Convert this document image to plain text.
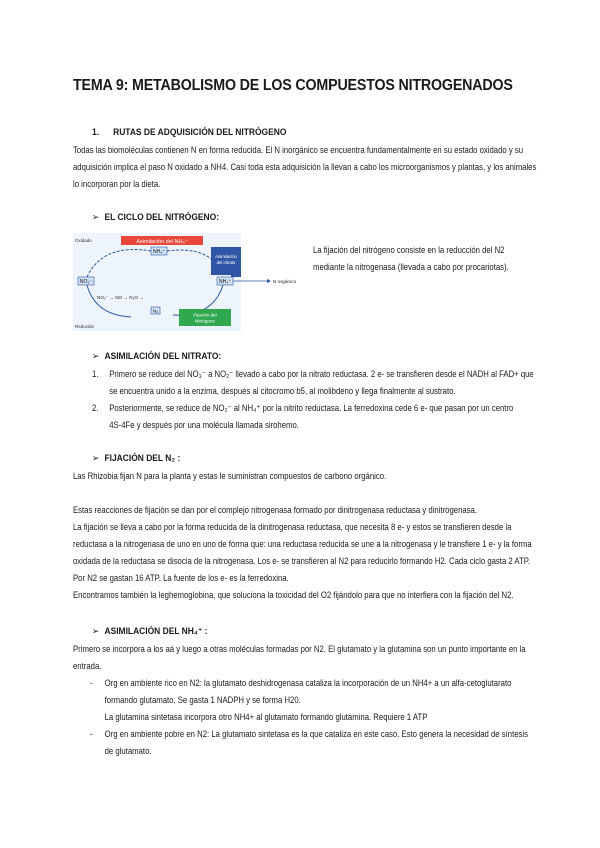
TEMA 9: METABOLISMO DE LOS COMPUESTOS NITROGENADOS
1.      RUTAS DE ADQUISICIÓN DEL NITRÓGENO
Todas las biomoléculas contienen N en forma reducida. El N inorgánico se encuentra fundamentalmente en su estado oxidado y su
adquisición implica el paso N oxidado a NH4. Casi toda esta adquisición la llevan a cabo los microorganismos y plantas, y los animales
lo incorporan por la dieta.
➢ EL CICLO DEL NITRÓGENO:
Asimilación del NH₄⁺
Oxidado
Reducido
NH₄⁺
NO₃⁻	NH₄⁺
Asimilación
del nitrato
NO₂⁻ → NO → N₂O →
N₂
Fijación del
Nitrógeno
N orgánico
La fijación del nitrógeno consiste en la reducción del N2
mediante la nitrogenasa (llevada a cabo por procariotas).
➢ ASIMILACIÓN DEL NITRATO:
1. Primero se reduce del NO₃⁻ a NO₂⁻ llevado a cabo por la nitrato reductasa. 2 e- se transfieren desde el NADH al FAD+ que
se encuentra unido a la enzima, después al citocromo b5, al molibdeno y llega finalmente al sustrato.
2. Posteriormente, se reduce de NO₂⁻ al NH₄⁺ por la nitrito reductasa. La ferredoxina cede 6 e- que pasan por un centro
4S-4Fe y después por una molécula llamada sirohemo.
➢ FIJACIÓN DEL N₂ :
Las Rhizobia fijan N para la planta y estas le suministran compuestos de carbono orgánico.

Estas reacciones de fijación se dan por el complejo nitrogenasa formado por dinitrogenasa reductasa y dinitrogenasa.
La fijación se lleva a cabo por la forma reducida de la dinitrogenasa reductasa, que necesita 8 e- y estos se transfieren desde la
reductasa a la nitrogenasa de uno en uno de forma que: una reductasa reducida se une a la nitrogenasa y le transfiere 1 e- y la forma
oxidada de la reductasa se disocia de la nitrogenasa. Los e- se transfieren al N2 para reducirlo formando H2. Cada ciclo gasta 2 ATP.
Por N2 se gastan 16 ATP. La fuente de los e- es la ferredoxina.
Encontramos también la leghemoglobina, que soluciona la toxicidad del O2 fijándolo para que no interfiera con la fijación del N2.
➢ ASIMILACIÓN DEL NH₄⁺ :
Primero se incorpora a los aá y luego a otras moléculas formadas por N2. El glutamato y la glutamina son un punto importante en la
entrada.
- Org en ambiente rico en N2: la glutamato deshidrogenasa cataliza la incorporación de un NH4+ a un alfa-cetoglutarato
formando glutamato. Se gasta 1 NADPH y se forma H20.
La glutamina sintetasa incorpora otro NH4+ al glutamato formando glutamina. Requiere 1 ATP
- Org en ambiente pobre en N2: La glutamato sintetasa es la que cataliza en este caso. Esto genera la necesidad de síntesis
de glutamato.
